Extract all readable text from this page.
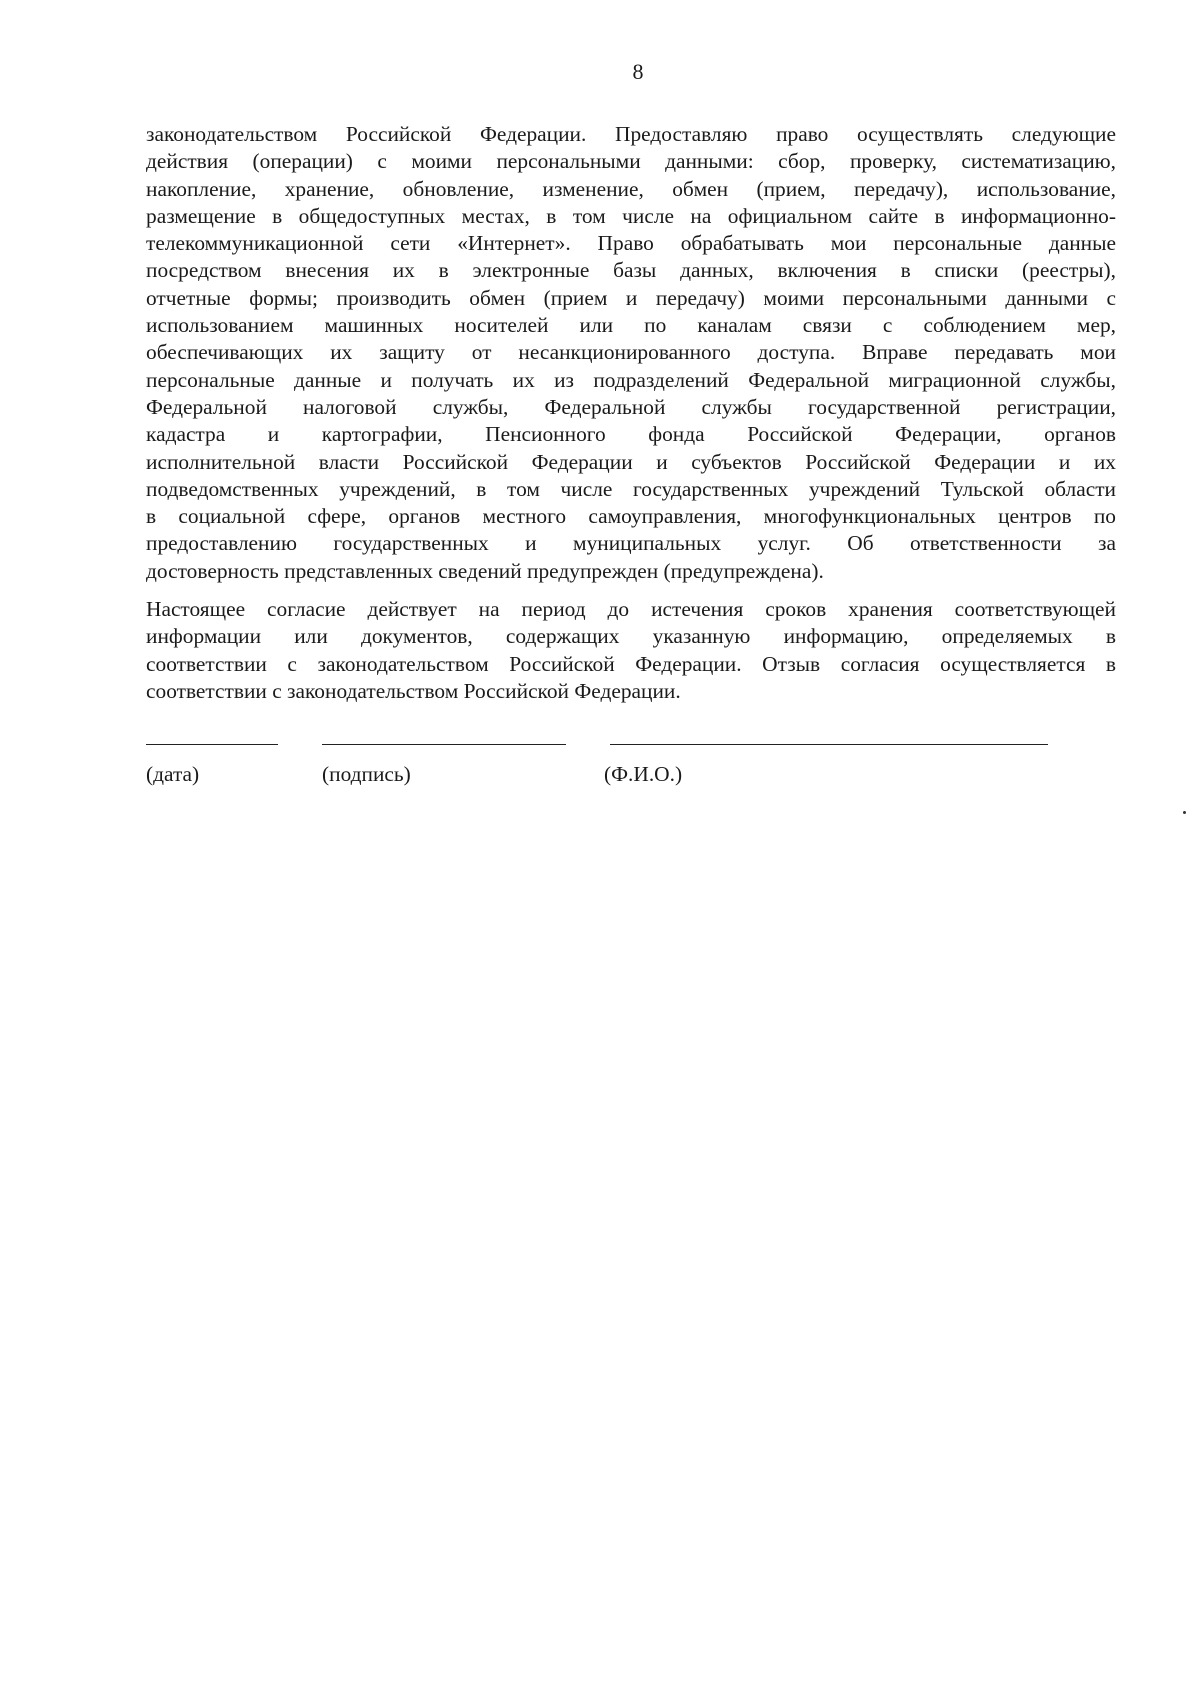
8

законодательством Российской Федерации. Предоставляю право осуществлять следующие
действия (операции) с моими персональными данными: сбор, проверку, систематизацию,
накопление, хранение, обновление, изменение, обмен (прием, передачу), использование,
размещение в общедоступных местах, в том числе на официальном сайте в информационно-
телекоммуникационной сети «Интернет». Право обрабатывать мои персональные данные
посредством внесения их в электронные базы данных, включения в списки (реестры),
отчетные формы; производить обмен (прием и передачу) моими персональными данными с
использованием машинных носителей или по каналам связи с соблюдением мер,
обеспечивающих их защиту от несанкционированного доступа. Вправе передавать мои
персональные данные и получать их из подразделений Федеральной миграционной службы,
Федеральной налоговой службы, Федеральной службы государственной регистрации,
кадастра и картографии, Пенсионного фонда Российской Федерации, органов
исполнительной власти Российской Федерации и субъектов Российской Федерации и их
подведомственных учреждений, в том числе государственных учреждений Тульской области
в социальной сфере, органов местного самоуправления, многофункциональных центров по
предоставлению государственных и муниципальных услуг. Об ответственности за
достоверность представленных сведений предупрежден (предупреждена).

Настоящее согласие действует на период до истечения сроков хранения соответствующей
информации или документов, содержащих указанную информацию, определяемых в
соответствии с законодательством Российской Федерации. Отзыв согласия осуществляется в
соответствии с законодательством Российской Федерации.

(дата)	(подпись)	(Ф.И.О.)
